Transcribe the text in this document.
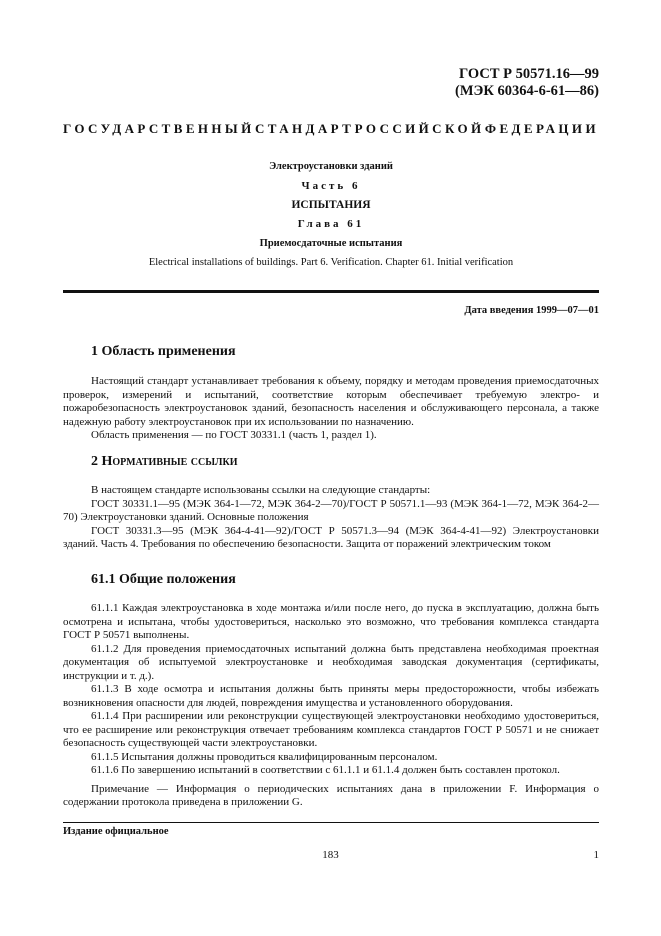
ГОСТ Р 50571.16—99
(МЭК 60364-6-61—86)
ГОСУДАРСТВЕННЫЙ СТАНДАРТ РОССИЙСКОЙ ФЕДЕРАЦИИ
Электроустановки зданий
Часть 6
ИСПЫТАНИЯ
Глава 61
Приемосдаточные испытания
Electrical installations of buildings. Part 6. Verification. Chapter 61. Initial verification
Дата введения 1999—07—01
1 Область применения

Настоящий стандарт устанавливает требования к объему, порядку и методам проведения приемосдаточных проверок, измерений и испытаний, соответствие которым обеспечивает требуемую электро- и пожаробезопасность электроустановок зданий, безопасность населения и обслуживающего персонала, а также надежную работу электроустановок при их использовании по назначению.

Область применения — по ГОСТ 30331.1 (часть 1, раздел 1).

2 Нормативные ссылки

В настоящем стандарте использованы ссылки на следующие стандарты:

ГОСТ 30331.1—95 (МЭК 364-1—72, МЭК 364-2—70)/ГОСТ Р 50571.1—93 (МЭК 364-1—72, МЭК 364-2—70) Электроустановки зданий. Основные положения

ГОСТ 30331.3—95 (МЭК 364-4-41—92)/ГОСТ Р 50571.3—94 (МЭК 364-4-41—92) Электроустановки зданий. Часть 4. Требования по обеспечению безопасности. Защита от поражений электрическим током

61.1 Общие положения

61.1.1 Каждая электроустановка в ходе монтажа и/или после него, до пуска в эксплуатацию, должна быть осмотрена и испытана, чтобы удостовериться, насколько это возможно, что требования комплекса стандарта ГОСТ Р 50571 выполнены.

61.1.2 Для проведения приемосдаточных испытаний должна быть представлена необходимая проектная документация об испытуемой электроустановке и необходимая заводская документация (сертификаты, инструкции и т. д.).

61.1.3 В ходе осмотра и испытания должны быть приняты меры предосторожности, чтобы избежать возникновения опасности для людей, повреждения имущества и установленного оборудования.

61.1.4 При расширении или реконструкции существующей электроустановки необходимо удостовериться, что ее расширение или реконструкция отвечает требованиям комплекса стандартов ГОСТ Р 50571 и не снижает безопасность существующей части электроустановки.

61.1.5 Испытания должны проводиться квалифицированным персоналом.

61.1.6 По завершению испытаний в соответствии с 61.1.1 и 61.1.4 должен быть составлен протокол.

Примечание — Информация о периодических испытаниях дана в приложении F. Информация о содержании протокола приведена в приложении G.

Издание официальное
183	1
